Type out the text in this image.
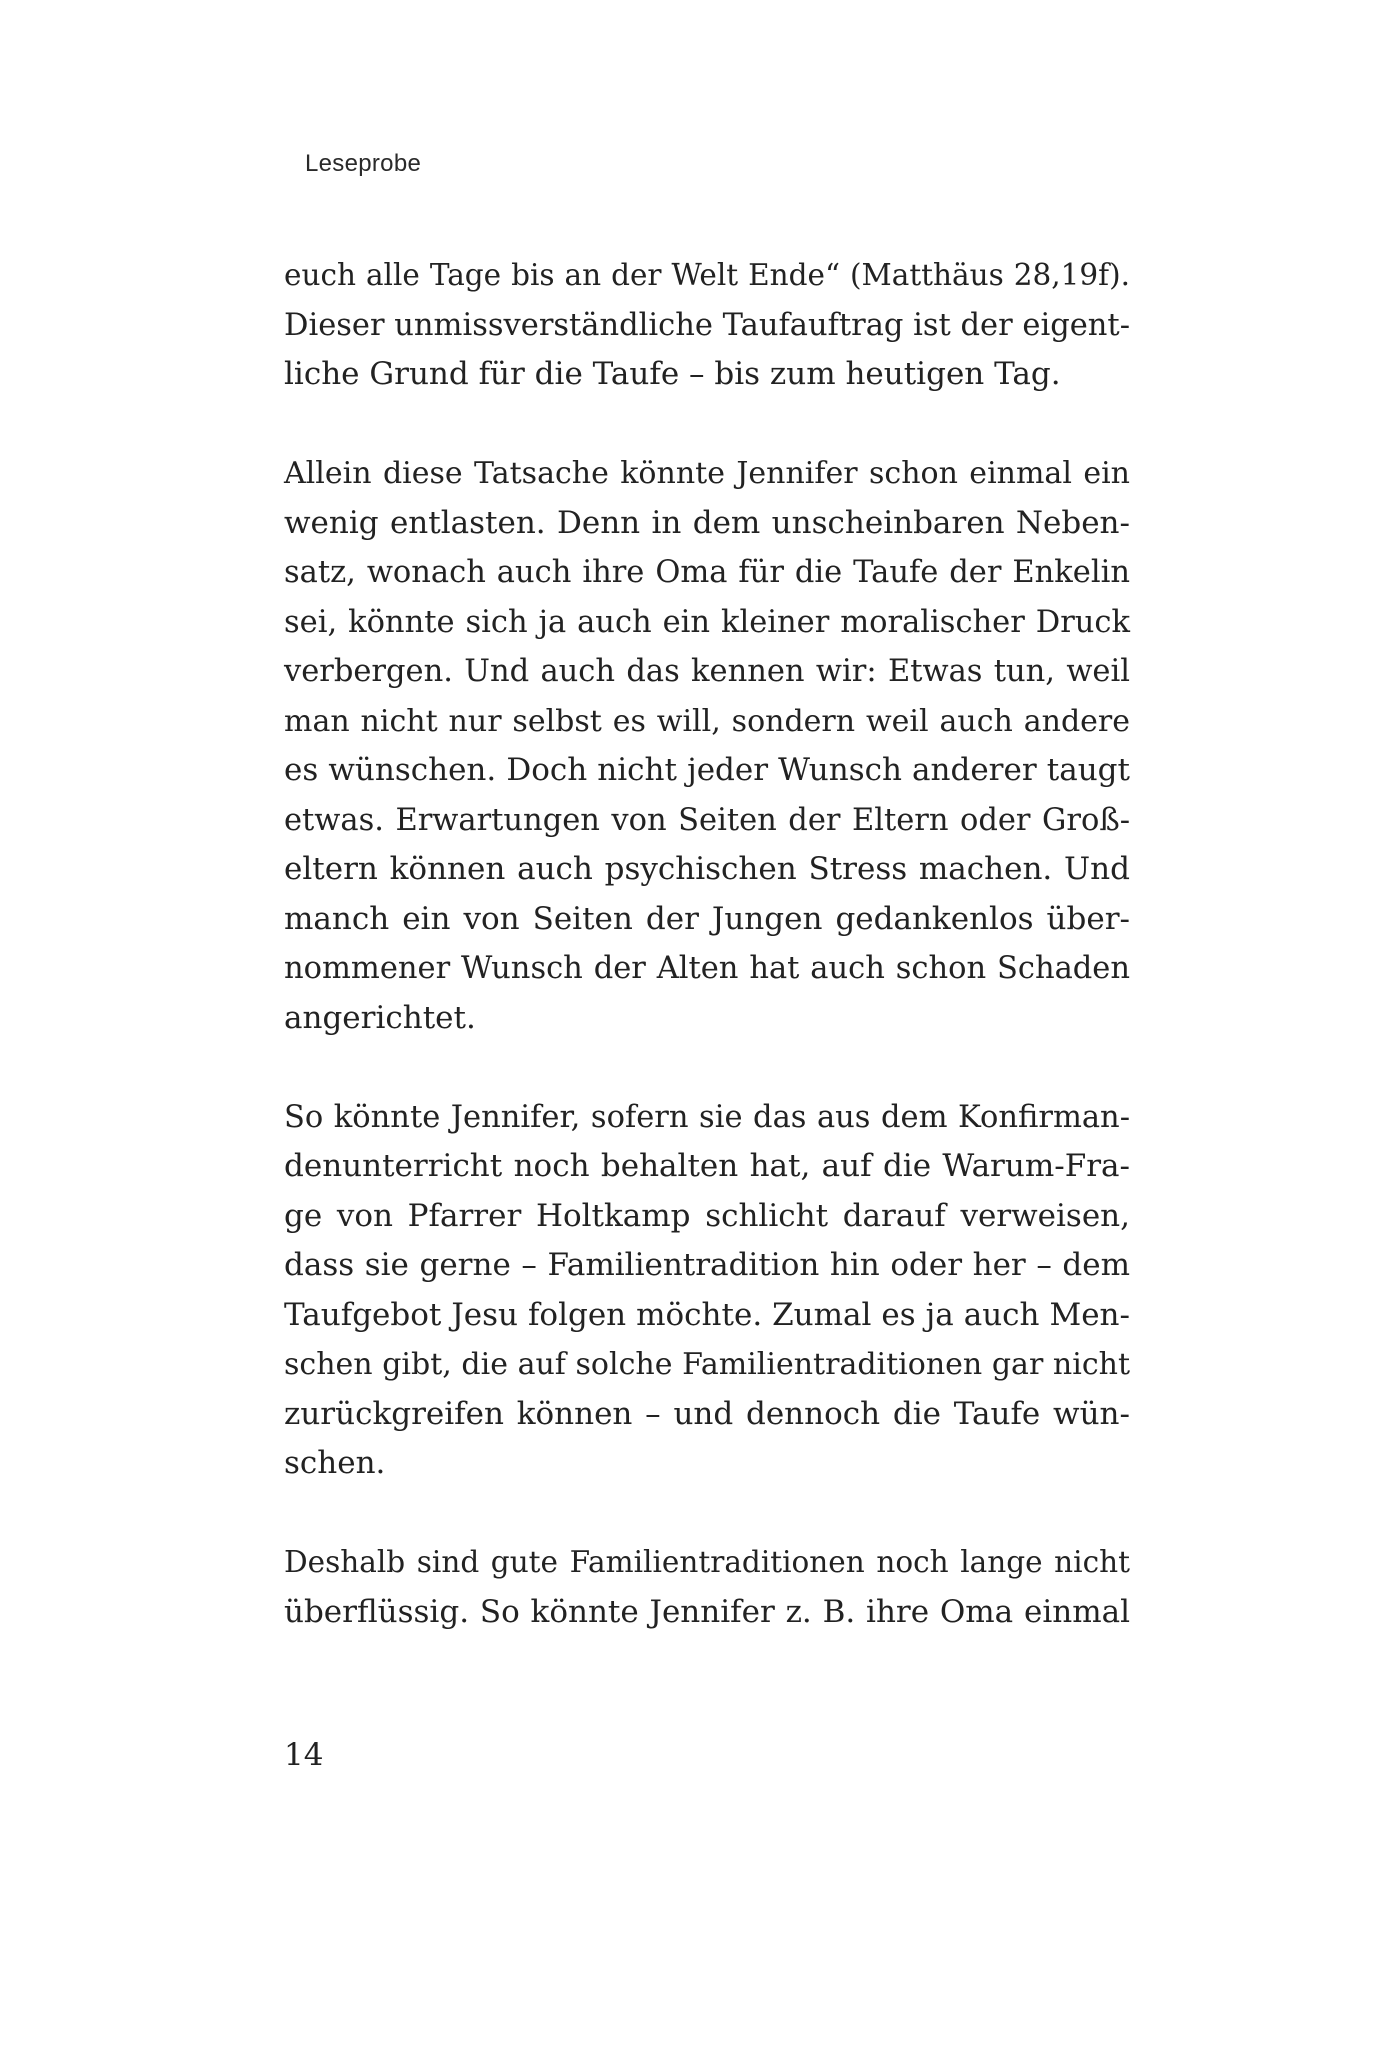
Leseprobe
euch alle Tage bis an der Welt Ende“ (Matthäus 28,19f).
Dieser unmissverständliche Taufauftrag ist der eigent-
liche Grund für die Taufe – bis zum heutigen Tag.
Allein diese Tatsache könnte Jennifer schon einmal ein
wenig entlasten. Denn in dem unscheinbaren Neben-
satz, wonach auch ihre Oma für die Taufe der Enkelin
sei, könnte sich ja auch ein kleiner moralischer Druck
verbergen. Und auch das kennen wir: Etwas tun, weil
man nicht nur selbst es will, sondern weil auch andere
es wünschen. Doch nicht jeder Wunsch anderer taugt
etwas. Erwartungen von Seiten der Eltern oder Groß-
eltern können auch psychischen Stress machen. Und
manch ein von Seiten der Jungen gedankenlos über-
nommener Wunsch der Alten hat auch schon Schaden
angerichtet.
So könnte Jennifer, sofern sie das aus dem Konfirman-
denunterricht noch behalten hat, auf die Warum-Fra-
ge von Pfarrer Holtkamp schlicht darauf verweisen,
dass sie gerne – Familientradition hin oder her – dem
Taufgebot Jesu folgen möchte. Zumal es ja auch Men-
schen gibt, die auf solche Familientraditionen gar nicht
zurückgreifen können – und dennoch die Taufe wün-
schen.
Deshalb sind gute Familientraditionen noch lange nicht
überflüssig. So könnte Jennifer z. B. ihre Oma einmal
14
